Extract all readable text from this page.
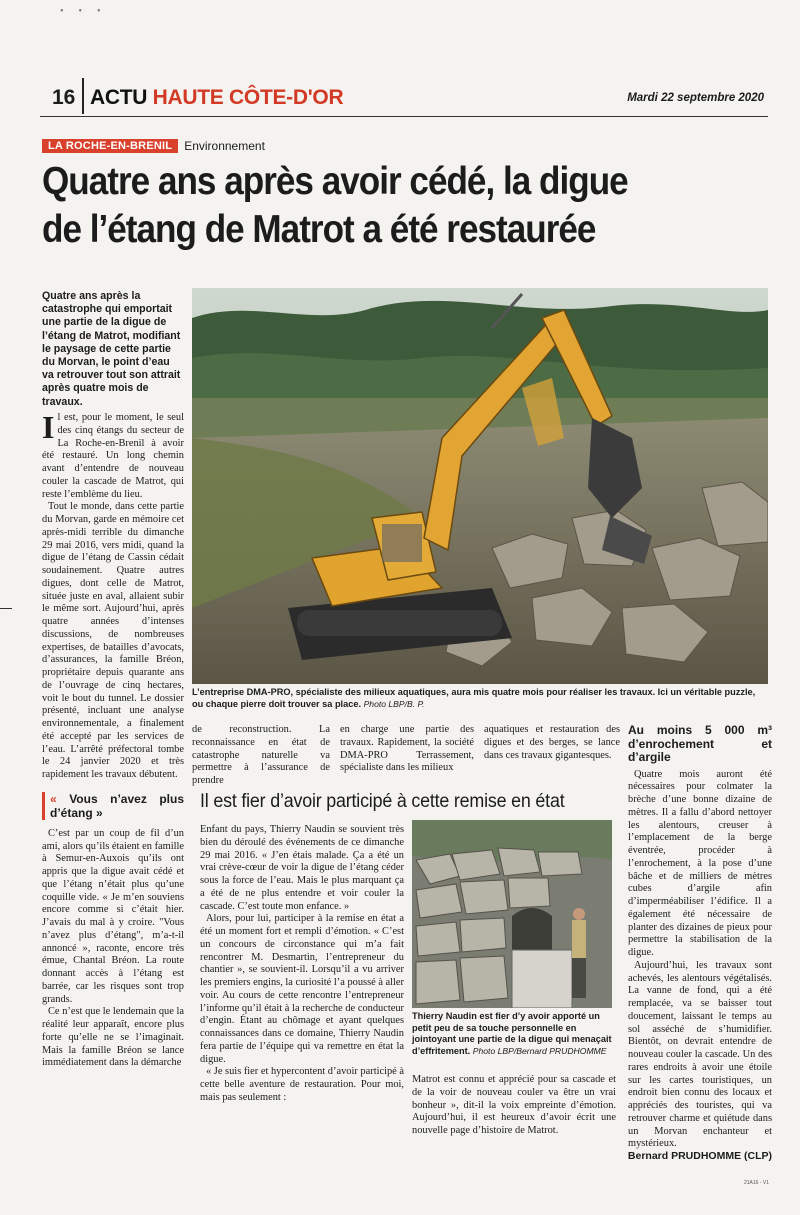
•      •      •
16 ACTU HAUTE CÔTE-D'OR	Mardi 22 septembre 2020
LA ROCHE-EN-BRENIL	Environnement
Quatre ans après avoir cédé, la digue
de l’étang de Matrot a été restaurée
Quatre ans après la catastrophe qui emportait une partie de la digue de l’étang de Matrot, modifiant le paysage de cette partie du Morvan, le point d’eau va retrouver tout son attrait après quatre mois de travaux.

Il est, pour le moment, le seul des cinq étangs du secteur de La Roche-en-Brenil à avoir été restauré. Un long chemin avant d’entendre de nouveau couler la cascade de Matrot, qui reste l’emblème du lieu.

Tout le monde, dans cette partie du Morvan, garde en mémoire cet après-midi terrible du dimanche 29 mai 2016, vers midi, quand la digue de l’étang de Cassin cédait soudainement. Quatre autres digues, dont celle de Matrot, située juste en aval, allaient subir le même sort. Aujourd’hui, après quatre années d’intenses discussions, de nombreuses expertises, de batailles d’avocats, d’assurances, la famille Bréon, propriétaire depuis quarante ans de l’ouvrage de cinq hectares, voit le bout du tunnel. Le dossier présenté, incluant une analyse environnementale, a finalement été accepté par les services de l’eau. L’arrêté préfectoral tombe le 24 janvier 2020 et très rapidement les travaux débutent.

« Vous n’avez plus d’étang »

C’est par un coup de fil d’un ami, alors qu’ils étaient en famille à Semur-en-Auxois qu’ils ont appris que la digue avait cédé et que l’étang n’était plus qu’une coquille vide. « Je m’en souviens encore comme si c’était hier. J’avais du mal à y croire. "Vous n’avez plus d’étang", m’a-t-il annoncé », raconte, encore très émue, Chantal Bréon. La route donnant accès à l’étang est barrée, car les risques sont trop grands.

Ce n’est que le lendemain que la réalité leur apparaît, encore plus forte qu’elle ne se l’imaginait. Mais la famille Bréon se lance immédiatement dans la démarche

L’entreprise DMA-PRO, spécialiste des milieux aquatiques, aura mis quatre mois pour réaliser les travaux. Ici un véritable puzzle, ou chaque pierre doit trouver sa place. Photo LBP/B. P.

de reconstruction. La reconnaissance en état de catastrophe naturelle va permettre à l’assurance de prendre

en charge une partie des travaux. Rapidement, la société DMA-PRO Terrassement, spécialiste dans les milieux

aquatiques et restauration des digues et des berges, se lance dans ces travaux gigantesques.

Il est fier d’avoir participé à cette remise en état

Enfant du pays, Thierry Naudin se souvient très bien du déroulé des événements de ce dimanche 29 mai 2016. « J’en étais malade. Ça a été un vrai crève-cœur de voir la digue de l’étang céder sous la force de l’eau. Mais le plus marquant ça a été de ne plus entendre et voir couler la cascade. C’est toute mon enfance. »

Alors, pour lui, participer à la remise en état a été un moment fort et rempli d’émotion. « C’est un concours de circonstance qui m’a fait rencontrer M. Desmartin, l’entrepreneur du chantier », se souvient-il. Lorsqu’il a vu arriver les premiers engins, la curiosité l’a poussé à aller voir. Au cours de cette rencontre l’entrepreneur l’informe qu’il était à la recherche de conducteur d’engin. Étant au chômage et ayant quelques connaissances dans ce domaine, Thierry Naudin fera partie de l’équipe qui va remettre en état la digue.

« Je suis fier et hypercontent d’avoir participé à cette belle aventure de restauration. Pour moi, mais pas seulement :

Thierry Naudin est fier d’y avoir apporté un petit peu de sa touche personnelle en jointoyant une partie de la digue qui menaçait d’effritement. Photo LBP/Bernard PRUDHOMME

Matrot est connu et apprécié pour sa cascade et de la voir de nouveau couler va être un vrai bonheur », dit-il la voix empreinte d’émotion. Aujourd’hui, il est heureux d’avoir écrit une nouvelle page d’histoire de Matrot.

Au moins 5 000 m³ d’enrochement et d’argile

Quatre mois auront été nécessaires pour colmater la brèche d’une bonne dizaine de mètres. Il a fallu d’abord nettoyer les alentours, creuser à l’emplacement de la berge éventrée, procéder à l’enrochement, à la pose d’une bâche et de milliers de mètres cubes d’argile afin d’imperméabiliser l’édifice. Il a également été nécessaire de planter des dizaines de pieux pour permettre la stabilisation de la digue.

Aujourd’hui, les travaux sont achevés, les alentours végétalisés. La vanne de fond, qui a été remplacée, va se baisser tout doucement, laissant le temps au sol asséché de s’humidifier. Bientôt, on devrait entendre de nouveau couler la cascade. Un des rares endroits à avoir une étoile sur les cartes touristiques, un endroit bien connu des locaux et appréciés des touristes, qui va retrouver charme et quiétude dans un Morvan enchanteur et mystérieux.

Bernard PRUDHOMME (CLP)
21A16 - V1
